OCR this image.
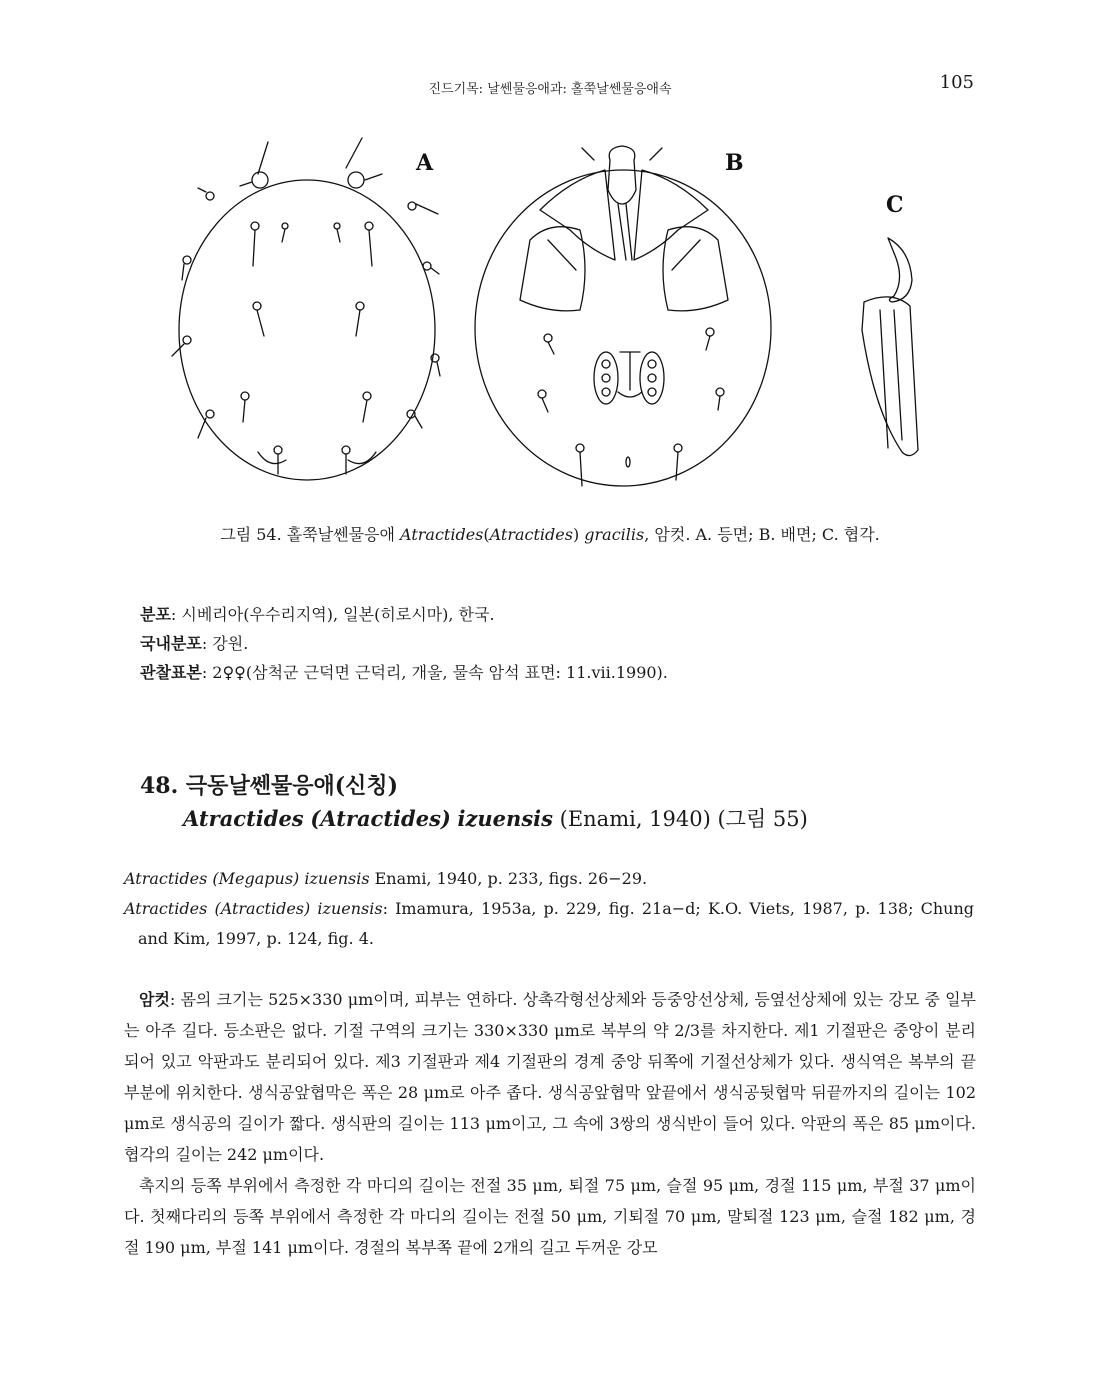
진드기목: 날쎈물응애과: 홀쭉날쎈물응애속	105
A	B
C
그림 54. 홀쭉날쎈물응애 Atractides(Atractides) gracilis, 암컷. A. 등면; B. 배면; C. 협각.

분포: 시베리아(우수리지역), 일본(히로시마), 한국.

국내분포: 강원.

관찰표본: 2♀♀(삼척군 근덕면 근덕리, 개울, 물속 암석 표면: 11.vii.1990).

48. 극동날쎈물응애(신칭)

Atractides (Atractides) izuensis (Enami, 1940) (그림 55)

Atractides (Megapus) izuensis Enami, 1940, p. 233, figs. 26−29.

Atractides (Atractides) izuensis: Imamura, 1953a, p. 229, fig. 21a−d; K.O. Viets, 1987, p. 138; Chung and Kim, 1997, p. 124, fig. 4.

암컷: 몸의 크기는 525×330 μm이며, 피부는 연하다. 상촉각형선상체와 등중앙선상체, 등옆선상체에 있는 강모 중 일부는 아주 길다. 등소판은 없다. 기절 구역의 크기는 330×330 μm로 복부의 약 2/3를 차지한다. 제1 기절판은 중앙이 분리되어 있고 악판과도 분리되어 있다. 제3 기절판과 제4 기절판의 경계 중앙 뒤쪽에 기절선상체가 있다. 생식역은 복부의 끝부분에 위치한다. 생식공앞협막은 폭은 28 μm로 아주 좁다. 생식공앞협막 앞끝에서 생식공뒷협막 뒤끝까지의 길이는 102 μm로 생식공의 길이가 짧다. 생식판의 길이는 113 μm이고, 그 속에 3쌍의 생식반이 들어 있다. 악판의 폭은 85 μm이다. 협각의 길이는 242 μm이다.

촉지의 등쪽 부위에서 측정한 각 마디의 길이는 전절 35 μm, 퇴절 75 μm, 슬절 95 μm, 경절 115 μm, 부절 37 μm이다. 첫째다리의 등쪽 부위에서 측정한 각 마디의 길이는 전절 50 μm, 기퇴절 70 μm, 말퇴절 123 μm, 슬절 182 μm, 경절 190 μm, 부절 141 μm이다. 경절의 복부쪽 끝에 2개의 길고 두꺼운 강모
